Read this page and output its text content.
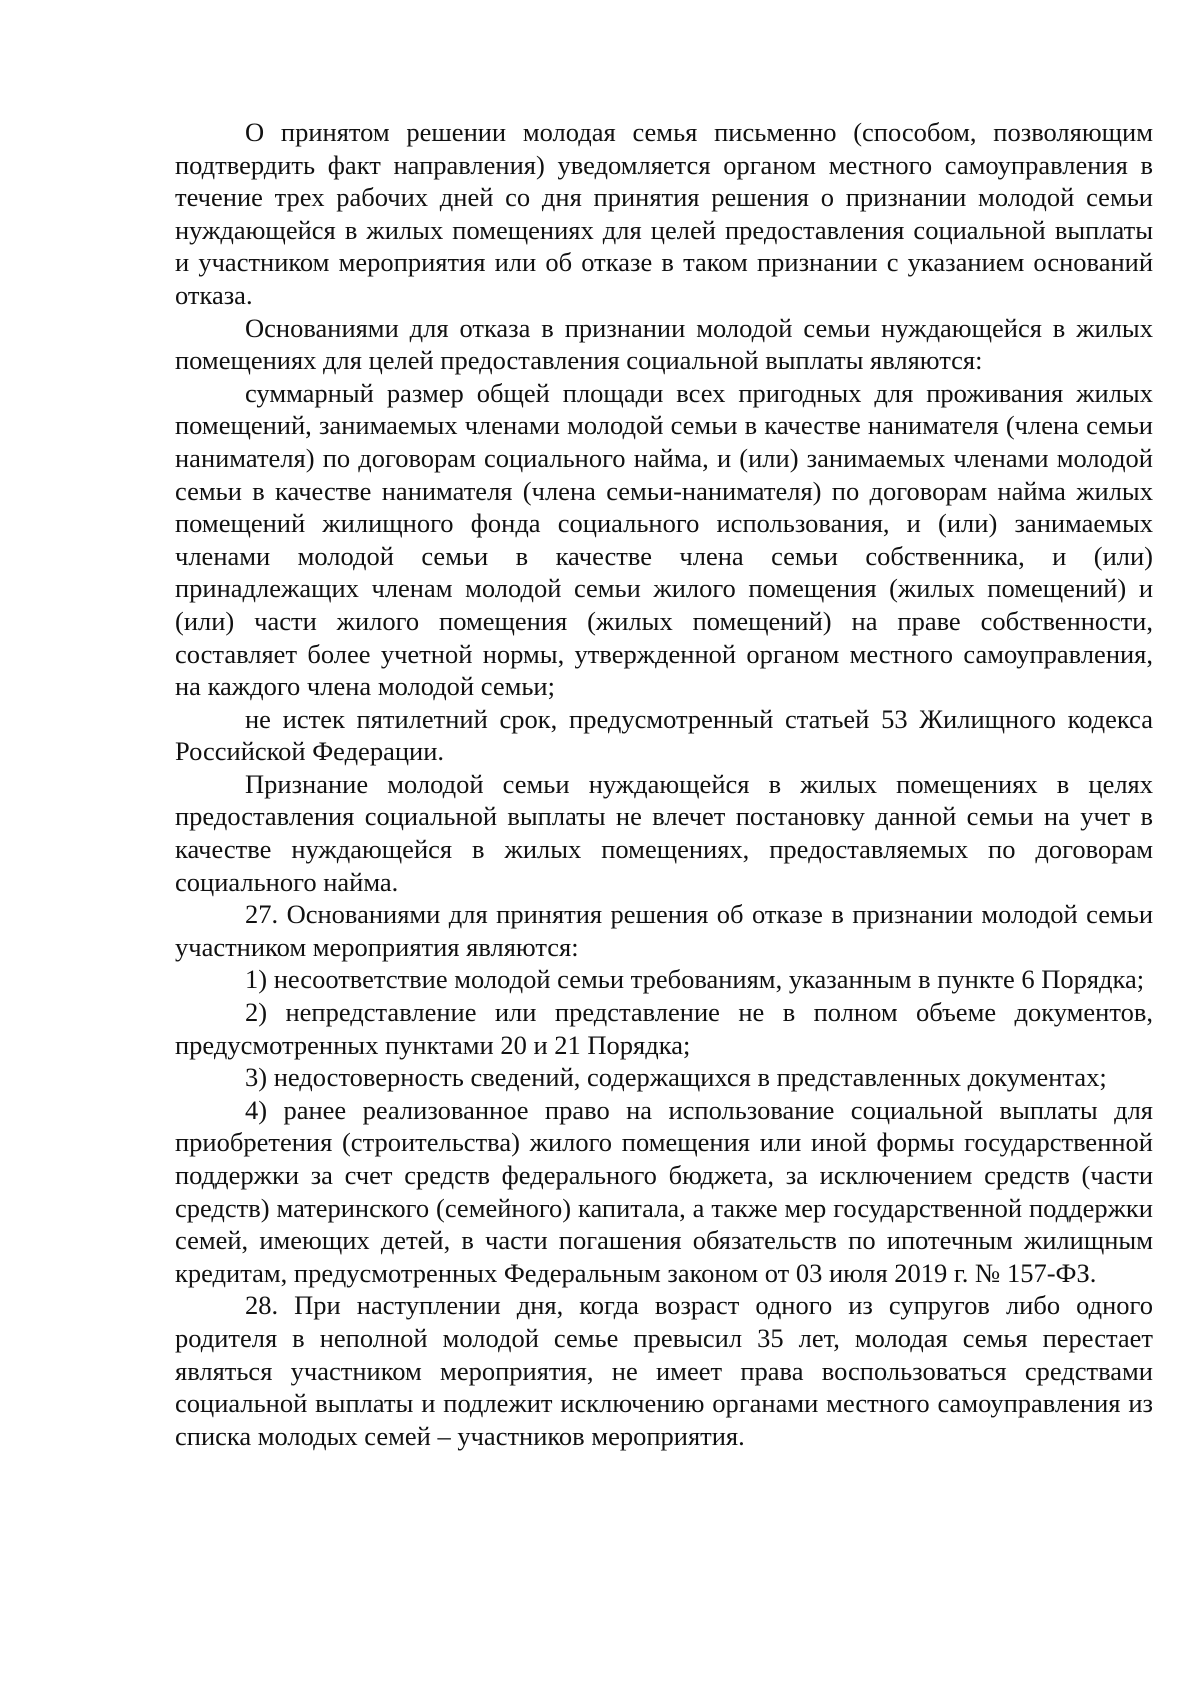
О принятом решении молодая семья письменно (способом, позволяющим подтвердить факт направления) уведомляется органом местного самоуправления в течение трех рабочих дней со дня принятия решения о признании молодой семьи нуждающейся в жилых помещениях для целей предоставления социальной выплаты и участником мероприятия или об отказе в таком признании с указанием оснований отказа.

Основаниями для отказа в признании молодой семьи нуждающейся в жилых помещениях для целей предоставления социальной выплаты являются:

суммарный размер общей площади всех пригодных для проживания жилых помещений, занимаемых членами молодой семьи в качестве нанимателя (члена семьи нанимателя) по договорам социального найма, и (или) занимаемых членами молодой семьи в качестве нанимателя (члена семьи-нанимателя) по договорам найма жилых помещений жилищного фонда социального использования, и (или) занимаемых членами молодой семьи в качестве члена семьи собственника, и (или) принадлежащих членам молодой семьи жилого помещения (жилых помещений) и (или) части жилого помещения (жилых помещений) на праве собственности, составляет более учетной нормы, утвержденной органом местного самоуправления, на каждого члена молодой семьи;

не истек пятилетний срок, предусмотренный статьей 53 Жилищного кодекса Российской Федерации.

Признание молодой семьи нуждающейся в жилых помещениях в целях предоставления социальной выплаты не влечет постановку данной семьи на учет в качестве нуждающейся в жилых помещениях, предоставляемых по договорам социального найма.

27. Основаниями для принятия решения об отказе в признании молодой семьи участником мероприятия являются:

1) несоответствие молодой семьи требованиям, указанным в пункте 6 Порядка;

2) непредставление или представление не в полном объеме документов, предусмотренных пунктами 20 и 21 Порядка;

3) недостоверность сведений, содержащихся в представленных документах;

4) ранее реализованное право на использование социальной выплаты для приобретения (строительства) жилого помещения или иной формы государственной поддержки за счет средств федерального бюджета, за исключением средств (части средств) материнского (семейного) капитала, а также мер государственной поддержки семей, имеющих детей, в части погашения обязательств по ипотечным жилищным кредитам, предусмотренных Федеральным законом от 03 июля 2019 г. № 157-ФЗ.

28. При наступлении дня, когда возраст одного из супругов либо одного родителя в неполной молодой семье превысил 35 лет, молодая семья перестает являться участником мероприятия, не имеет права воспользоваться средствами социальной выплаты и подлежит исключению органами местного самоуправления из списка молодых семей – участников мероприятия.
